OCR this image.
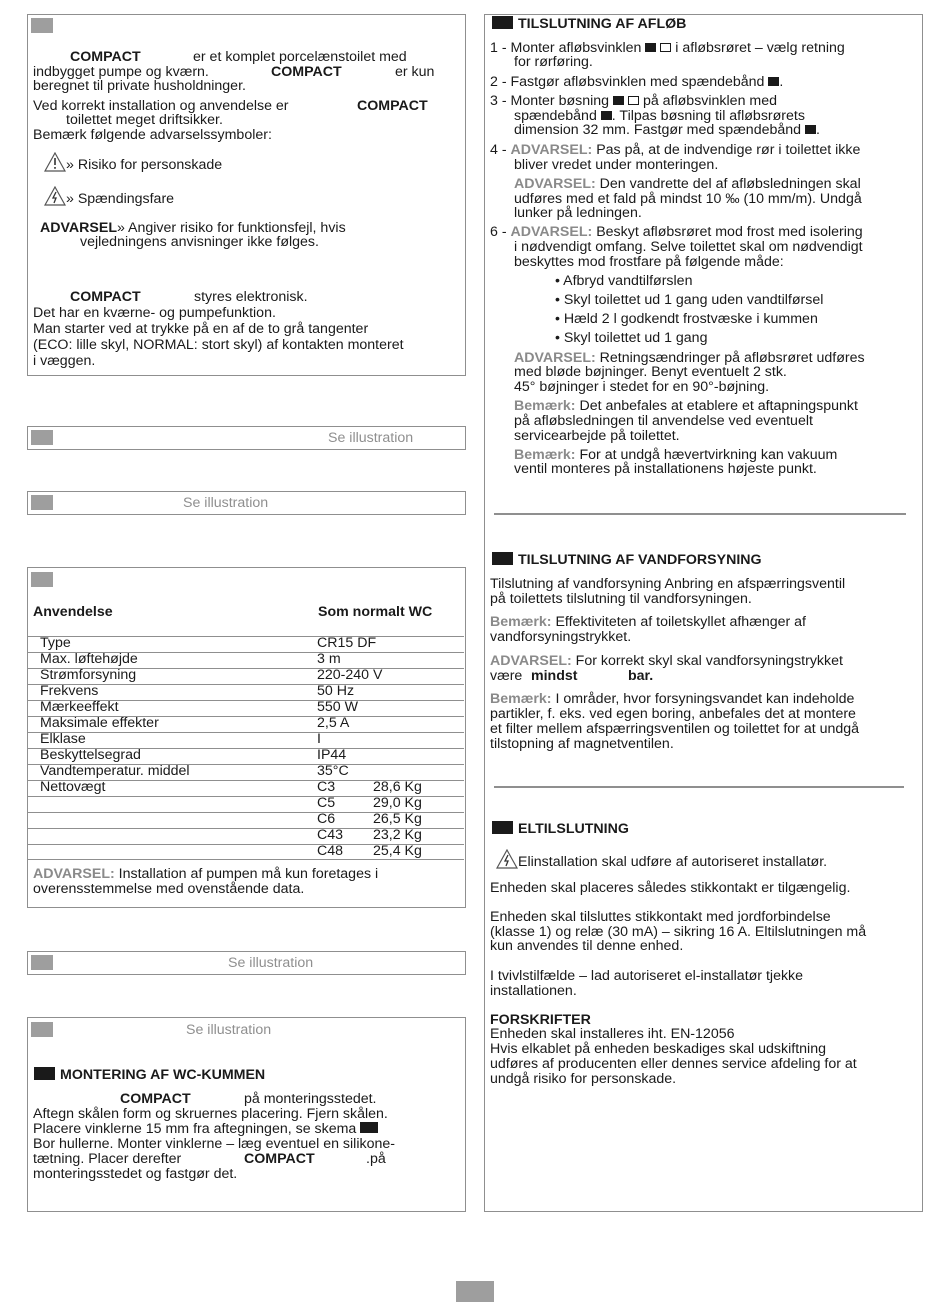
COMPACT	er et komplet porcelænstoilet med
indbygget pumpe og kværn.	COMPACT	er kun
beregnet til private husholdninger.
Ved korrekt installation og anvendelse er	COMPACT
toilettet meget driftsikker.
Bemærk følgende advarselssymboler:
» Risiko for personskade
» Spændingsfare
ADVARSEL» Angiver risiko for funktionsfejl, hvis
vejledningens anvisninger ikke følges.
COMPACT	styres elektronisk.
Det har en kværne- og pumpefunktion.
Man starter ved at trykke på en af de to grå tangenter
(ECO: lille skyl, NORMAL: stort skyl) af kontakten monteret
i væggen.
Se illustration
Se illustration
Anvendelse	Som normalt WC
Type	CR15 DF
Max. løftehøjde	3 m
Strømforsyning	220-240 V
Frekvens	50 Hz
Mærkeeffekt	550 W
Maksimale effekter	2,5 A
Elklase	I
Beskyttelsegrad	IP44
Vandtemperatur. middel	35°C
Nettovægt	C3	28,6 Kg
C5	29,0 Kg
C6	26,5 Kg
C43 23,2 Kg
C48 25,4 Kg
ADVARSEL: Installation af pumpen må kun foretages i
overensstemmelse med ovenstående data.
Se illustration
Se illustration
MONTERING AF WC-KUMMEN
COMPACT	på monteringsstedet.
Aftegn skålen form og skruernes placering. Fjern skålen.
Placere vinklerne 15 mm fra aftegningen, se skema
Bor hullerne. Monter vinklerne – læg eventuel en silikone-
tætning. Placer derefter	COMPACT	.på
monteringsstedet og fastgør det.
TILSLUTNING AF AFLØB
1 - Monter afløbsvinklen i afløbsrøret – vælg retning
for rørføring.
2 - Fastgør afløbsvinklen med spændebånd .
3 - Monter bøsning på afløbsvinklen med
spændebånd . Tilpas bøsning til afløbsrørets
dimension 32 mm. Fastgør med spændebånd .
4 - ADVARSEL: Pas på, at de indvendige rør i toilettet ikke
bliver vredet under monteringen.
ADVARSEL: Den vandrette del af afløbsledningen skal
udføres med et fald på mindst 10 ‰ (10 mm/m). Undgå
lunker på ledningen.
6 - ADVARSEL: Beskyt afløbsrøret mod frost med isolering
i nødvendigt omfang. Selve toilettet skal om nødvendigt
beskyttes mod frostfare på følgende måde:
• Afbryd vandtilførslen
• Skyl toilettet ud 1 gang uden vandtilførsel
• Hæld 2 l godkendt frostvæske i kummen
• Skyl toilettet ud 1 gang
ADVARSEL: Retningsændringer på afløbsrøret udføres
med bløde bøjninger. Benyt eventuelt 2 stk.
45° bøjninger i stedet for en 90°-bøjning.
Bemærk: Det anbefales at etablere et aftapningspunkt
på afløbsledningen til anvendelse ved eventuelt
servicearbejde på toilettet.
Bemærk: For at undgå hævertvirkning kan vakuum
ventil monteres på installationens højeste punkt.
TILSLUTNING AF VANDFORSYNING
Tilslutning af vandforsyning Anbring en afspærringsventil
på toilettets tilslutning til vandforsyningen.
Bemærk: Effektiviteten af toiletskyllet afhænger af
vandforsyningstrykket.
ADVARSEL: For korrekt skyl skal vandforsyningstrykket
være mindst	bar.
Bemærk: I områder, hvor forsyningsvandet kan indeholde
partikler, f. eks. ved egen boring, anbefales det at montere
et filter mellem afspærringsventilen og toilettet for at undgå
tilstopning af magnetventilen.
ELTILSLUTNING
Elinstallation skal udføre af autoriseret installatør.
Enheden skal placeres således stikkontakt er tilgængelig.
Enheden skal tilsluttes stikkontakt med jordforbindelse
(klasse 1) og relæ (30 mA) – sikring 16 A. Eltilslutningen må
kun anvendes til denne enhed.
I tvivlstilfælde – lad autoriseret el-installatør tjekke
installationen.
FORSKRIFTER
Enheden skal installeres iht. EN-12056
Hvis elkablet på enheden beskadiges skal udskiftning
udføres af producenten eller dennes service afdeling for at
undgå risiko for personskade.
